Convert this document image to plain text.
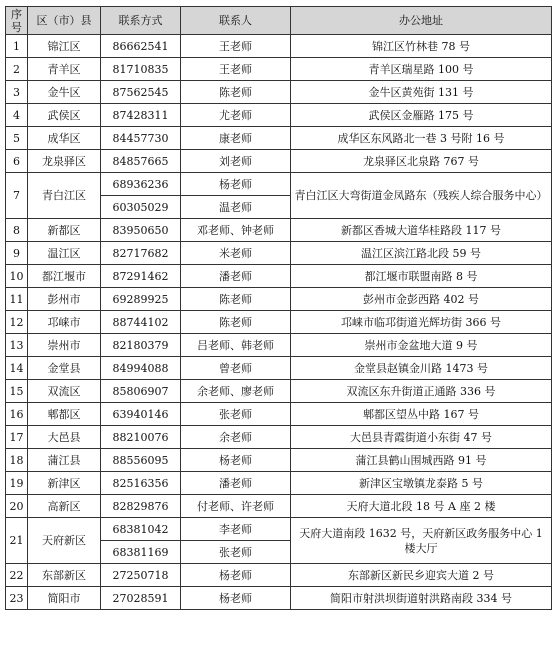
序号	区（市）县	联系方式	联系人	办公地址
1	锦江区	86662541	王老师	锦江区竹林巷 78 号
2	青羊区	81710835	王老师	青羊区瑞星路 100 号
3	金牛区	87562545	陈老师	金牛区黄苑街 131 号
4	武侯区	87428311	尤老师	武侯区金雁路 175 号
5	成华区	84457730	康老师	成华区东风路北一巷 3 号附 16 号
6	龙泉驿区	84857665	刘老师	龙泉驿区北泉路 767 号
7	青白江区	68936236	杨老师	青白江区大弯街道金凤路东（残疾人综合服务中心）
		60305029	温老师	
8	新都区	83950650	邓老师、钟老师	新都区香城大道华桂路段 117 号
9	温江区	82717682	米老师	温江区滨江路北段 59 号
10	都江堰市	87291462	潘老师	都江堰市联盟南路 8 号
11	彭州市	69289925	陈老师	彭州市金彭西路 402 号
12	邛崃市	88744102	陈老师	邛崃市临邛街道光辉坊街 366 号
13	崇州市	82180379	吕老师、韩老师	崇州市金盆地大道 9 号
14	金堂县	84994088	曾老师	金堂县赵镇金川路 1473 号
15	双流区	85806907	余老师、廖老师	双流区东升街道正通路 336 号
16	郫都区	63940146	张老师	郫都区望丛中路 167 号
17	大邑县	88210076	余老师	大邑县青霞街道小东街 47 号
18	蒲江县	88556095	杨老师	蒲江县鹤山围城西路 91 号
19	新津区	82516356	潘老师	新津区宝墩镇龙泰路 5 号
20	高新区	82829876	付老师、许老师	天府大道北段 18 号 A 座 2 楼
21	天府新区	68381042	李老师	天府大道南段 1632 号，天府新区政务服务中心 1 楼大厅
		68381169	张老师	
22	东部新区	27250718	杨老师	东部新区新民乡迎宾大道 2 号
23	简阳市	27028591	杨老师	简阳市射洪坝街道射洪路南段 334 号
